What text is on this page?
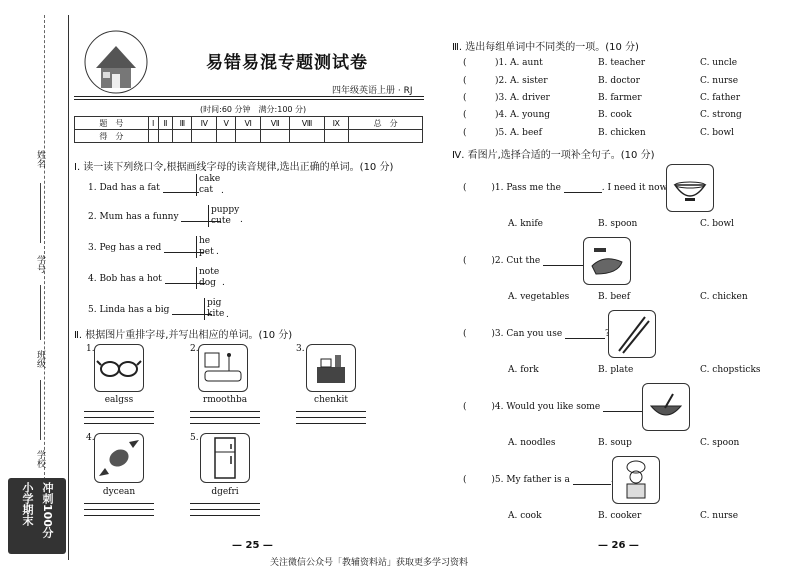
姓名
学号
班级
学校
小学期末 冲刺100分
易错易混专题测试卷
四年级英语上册 · RJ
(时间:60 分钟　满分:100 分)
题　号	Ⅰ	Ⅱ	Ⅲ	Ⅳ	Ⅴ	Ⅵ	Ⅶ	Ⅷ	Ⅸ	总　分
得　分										
Ⅰ. 读一读下列绕口令,根据画线字母的读音规律,选出正确的单词。(10 分)
1. Dad has a fat
cake
cat .
2. Mum has a funny
puppy
cute	.
3. Peg has a red
he
pet .
4. Bob has a hot
note
dog .
5. Linda has a big
pig
kite .
Ⅱ. 根据图片重排字母,并写出相应的单词。(10 分)
1.
ealgss
2.
rmoothba
3.
chenkit
4.
dycean
5.
dgefri
— 25 —
Ⅲ. 选出每组单词中不同类的一项。(10 分)
(	)1. A. aunt	B. teacher	C. uncle
(	)2. A. sister	B. doctor	C. nurse
(	)3. A. driver	B. farmer	C. father
(	)4. A. young	B. cook	C. strong
(	)5. A. beef	B. chicken	C. bowl
Ⅳ. 看图片,选择合适的一项补全句子。(10 分)
( )1. Pass me the	. I need it now.
A. knife	B. spoon	C. bowl
( )2. Cut the	.
A. vegetables	B. beef	C. chicken
( )3. Can you use	?
A. fork	B. plate	C. chopsticks
( )4. Would you like some	?
A. noodles	B. soup	C. spoon
( )5. My father is a	.
A. cook	B. cooker	C. nurse
— 26 —
关注微信公众号「教辅资料站」获取更多学习资料
